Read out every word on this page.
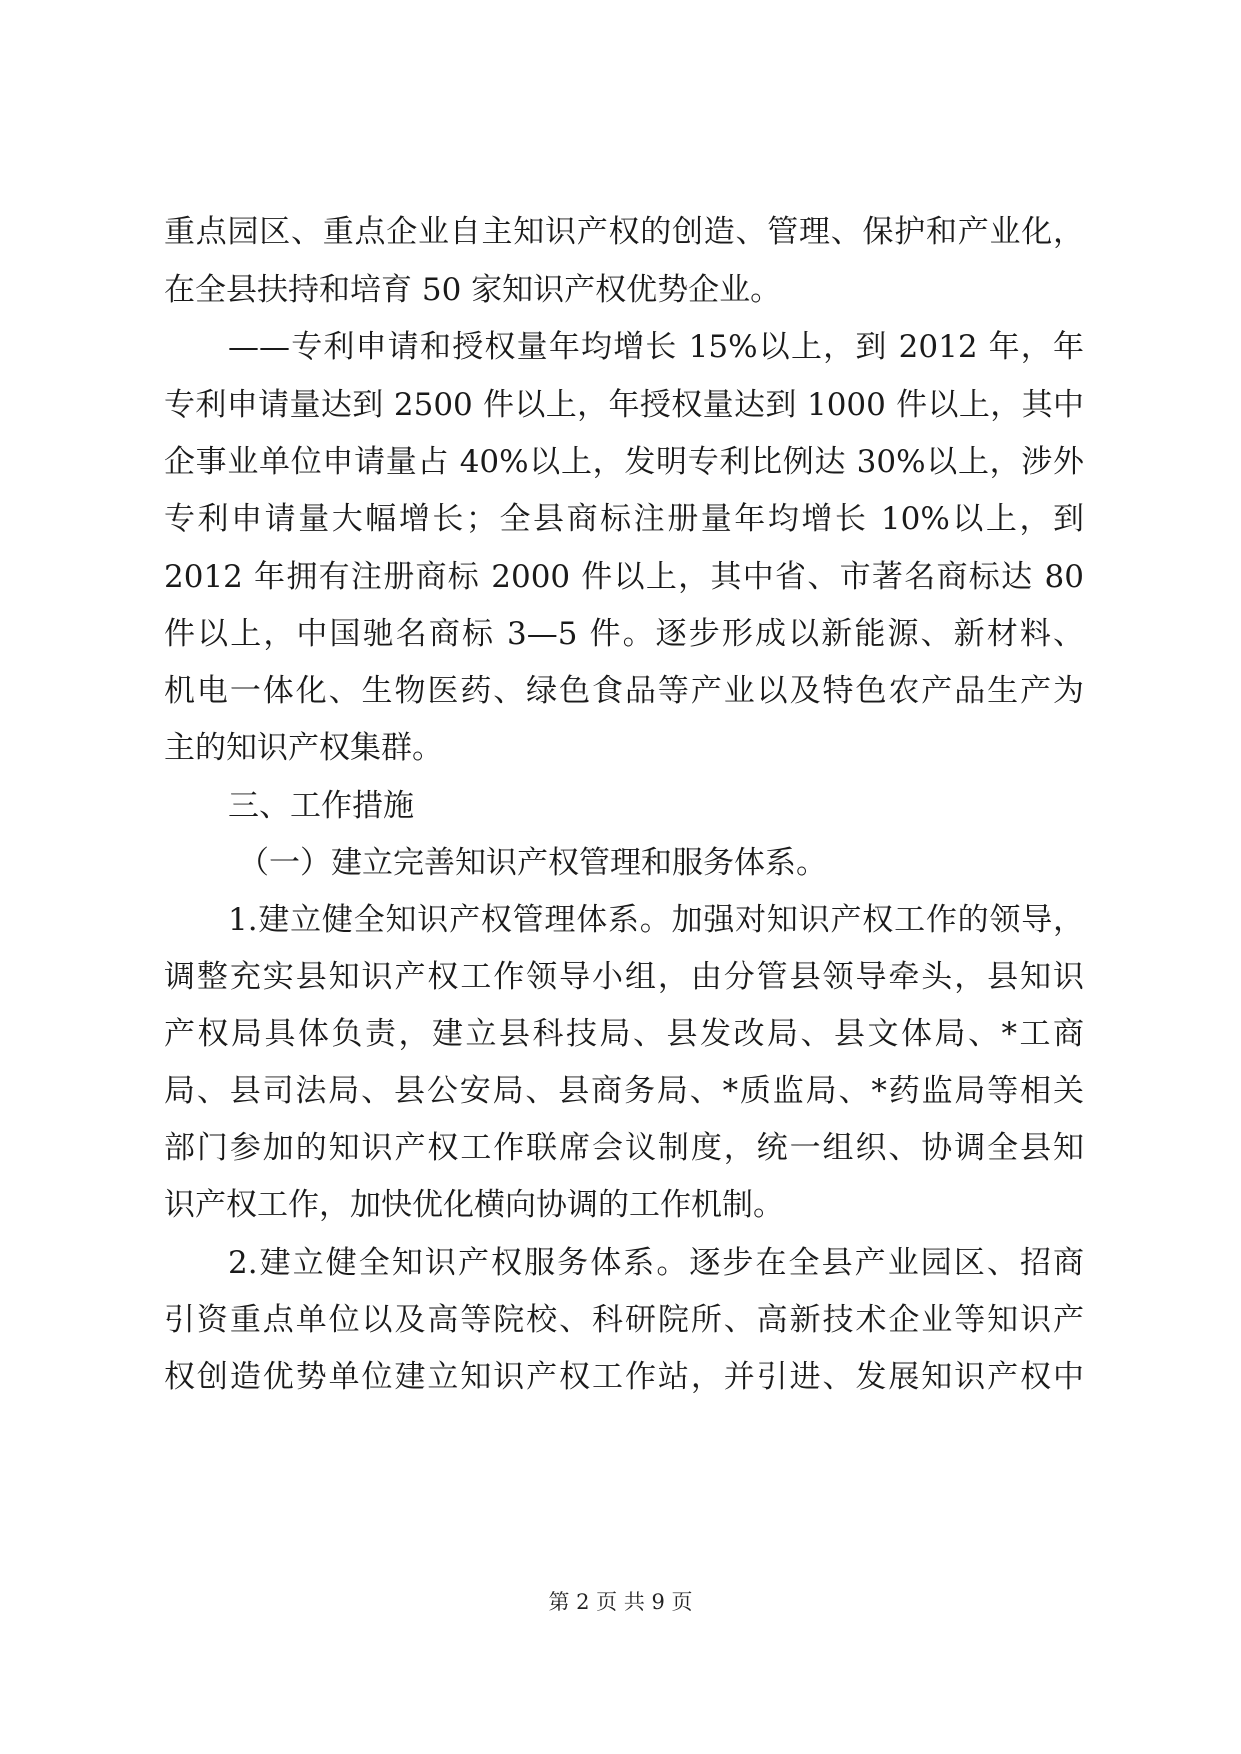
重点园区、重点企业自主知识产权的创造、管理、保护和产业化，
在全县扶持和培育 50 家知识产权优势企业。
——专利申请和授权量年均增长 15%以上，到 2012 年，年
专利申请量达到 2500 件以上，年授权量达到 1000 件以上，其中
企事业单位申请量占 40%以上，发明专利比例达 30%以上，涉外
专利申请量大幅增长；全县商标注册量年均增长 10%以上，到
2012 年拥有注册商标 2000 件以上，其中省、市著名商标达 80
件以上，中国驰名商标 3—5 件。逐步形成以新能源、新材料、
机电一体化、生物医药、绿色食品等产业以及特色农产品生产为
主的知识产权集群。
三、工作措施
（一）建立完善知识产权管理和服务体系。
1.建立健全知识产权管理体系。加强对知识产权工作的领导，
调整充实县知识产权工作领导小组，由分管县领导牵头，县知识
产权局具体负责，建立县科技局、县发改局、县文体局、*工商
局、县司法局、县公安局、县商务局、*质监局、*药监局等相关
部门参加的知识产权工作联席会议制度，统一组织、协调全县知
识产权工作，加快优化横向协调的工作机制。
2.建立健全知识产权服务体系。逐步在全县产业园区、招商
引资重点单位以及高等院校、科研院所、高新技术企业等知识产
权创造优势单位建立知识产权工作站，并引进、发展知识产权中
第 2 页 共 9 页
